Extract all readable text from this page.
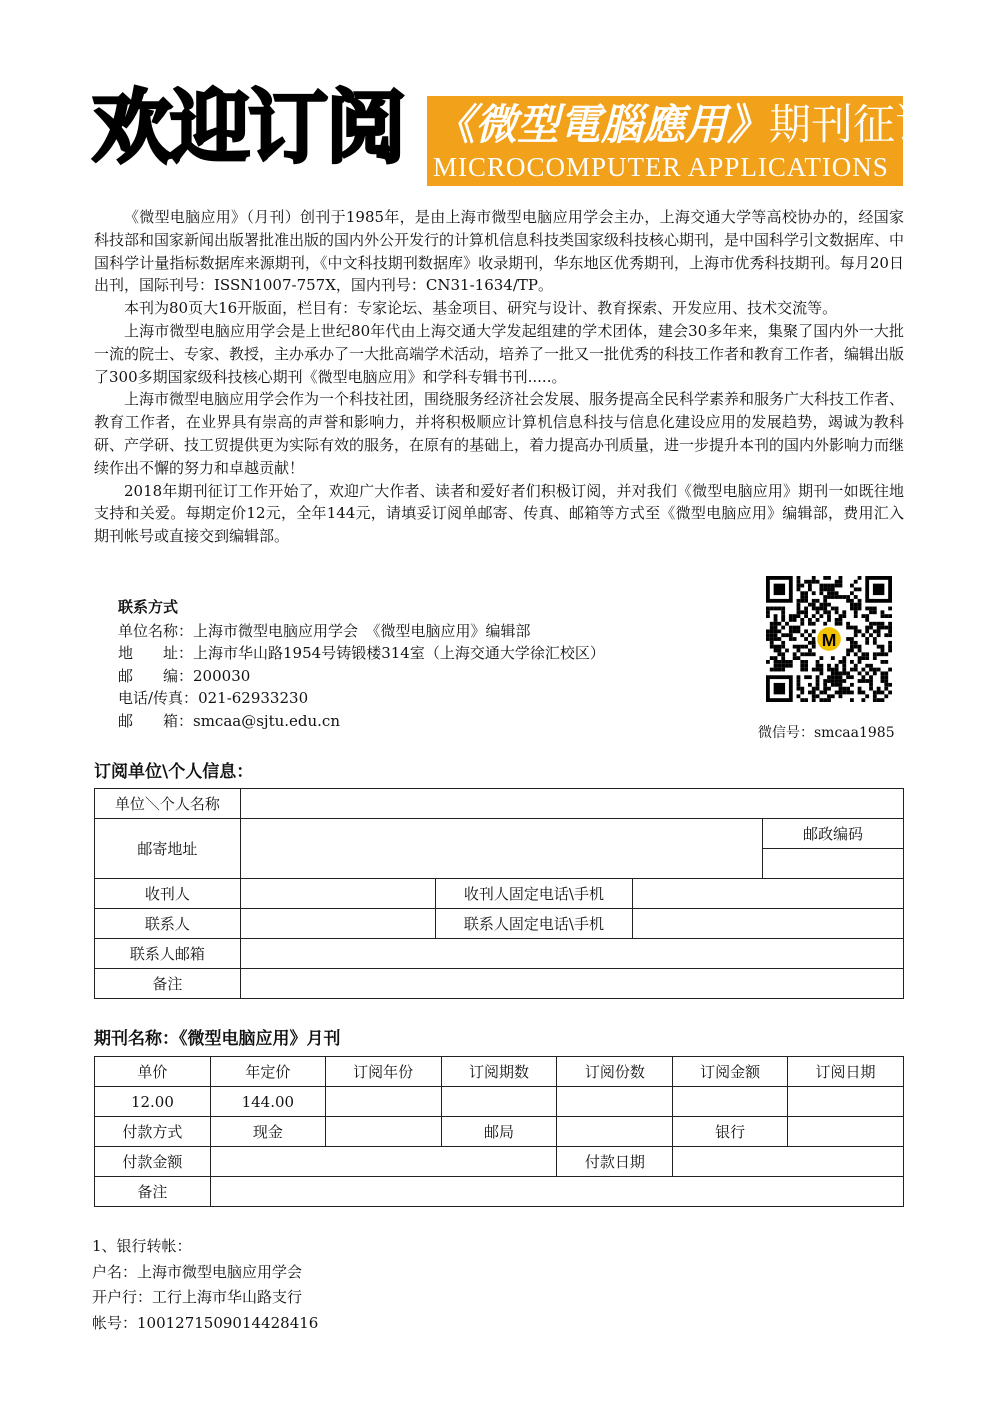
欢迎订阅 《微型電腦應用》期刊征订单
MICROCOMPUTER APPLICATIONS

《微型电脑应用》（月刊）创刊于1985年，是由上海市微型电脑应用学会主办，上海交通大学等高校协办的，经国家科技部和国家新闻出版署批准出版的国内外公开发行的计算机信息科技类国家级科技核心期刊，是中国科学引文数据库、中国科学计量指标数据库来源期刊，《中文科技期刊数据库》收录期刊，华东地区优秀期刊，上海市优秀科技期刊。每月20日出刊，国际刊号：ISSN1007-757X，国内刊号：CN31-1634/TP。

本刊为80页大16开版面，栏目有：专家论坛、基金项目、研究与设计、教育探索、开发应用、技术交流等。

上海市微型电脑应用学会是上世纪80年代由上海交通大学发起组建的学术团体，建会30多年来，集聚了国内外一大批一流的院士、专家、教授，主办承办了一大批高端学术活动，培养了一批又一批优秀的科技工作者和教育工作者，编辑出版了300多期国家级科技核心期刊《微型电脑应用》和学科专辑书刊.....。

上海市微型电脑应用学会作为一个科技社团，围绕服务经济社会发展、服务提高全民科学素养和服务广大科技工作者、教育工作者，在业界具有崇高的声誉和影响力，并将积极顺应计算机信息科技与信息化建设应用的发展趋势，竭诚为教科研、产学研、技工贸提供更为实际有效的服务，在原有的基础上，着力提高办刊质量，进一步提升本刊的国内外影响力而继续作出不懈的努力和卓越贡献！

2018年期刊征订工作开始了，欢迎广大作者、读者和爱好者们积极订阅，并对我们《微型电脑应用》期刊一如既往地支持和关爱。每期定价12元，全年144元，请填妥订阅单邮寄、传真、邮箱等方式至《微型电脑应用》编辑部，费用汇入期刊帐号或直接交到编辑部。

联系方式
单位名称：上海市微型电脑应用学会　《微型电脑应用》编辑部
地　　址：上海市华山路1954号铸锻楼314室（上海交通大学徐汇校区）
邮　　编：200030
电话/传真：021-62933230
邮　　箱：smcaa@sjtu.edu.cn
M
微信号：smcaa1985
订阅单位\个人信息：
单位＼个人名称				
邮寄地址				邮政编码

收刊人		收刊人固定电话\手机		
联系人		联系人固定电话\手机		
联系人邮箱				
备注				
期刊名称：《微型电脑应用》月刊
单价	年定价	订阅年份	订阅期数	订阅份数	订阅金额	订阅日期
12.00	144.00					
付款方式	现金		邮局		银行	
付款金额				付款日期		
备注						
1、银行转帐：
户名：上海市微型电脑应用学会
开户行：工行上海市华山路支行
帐号：1001271509014428416
